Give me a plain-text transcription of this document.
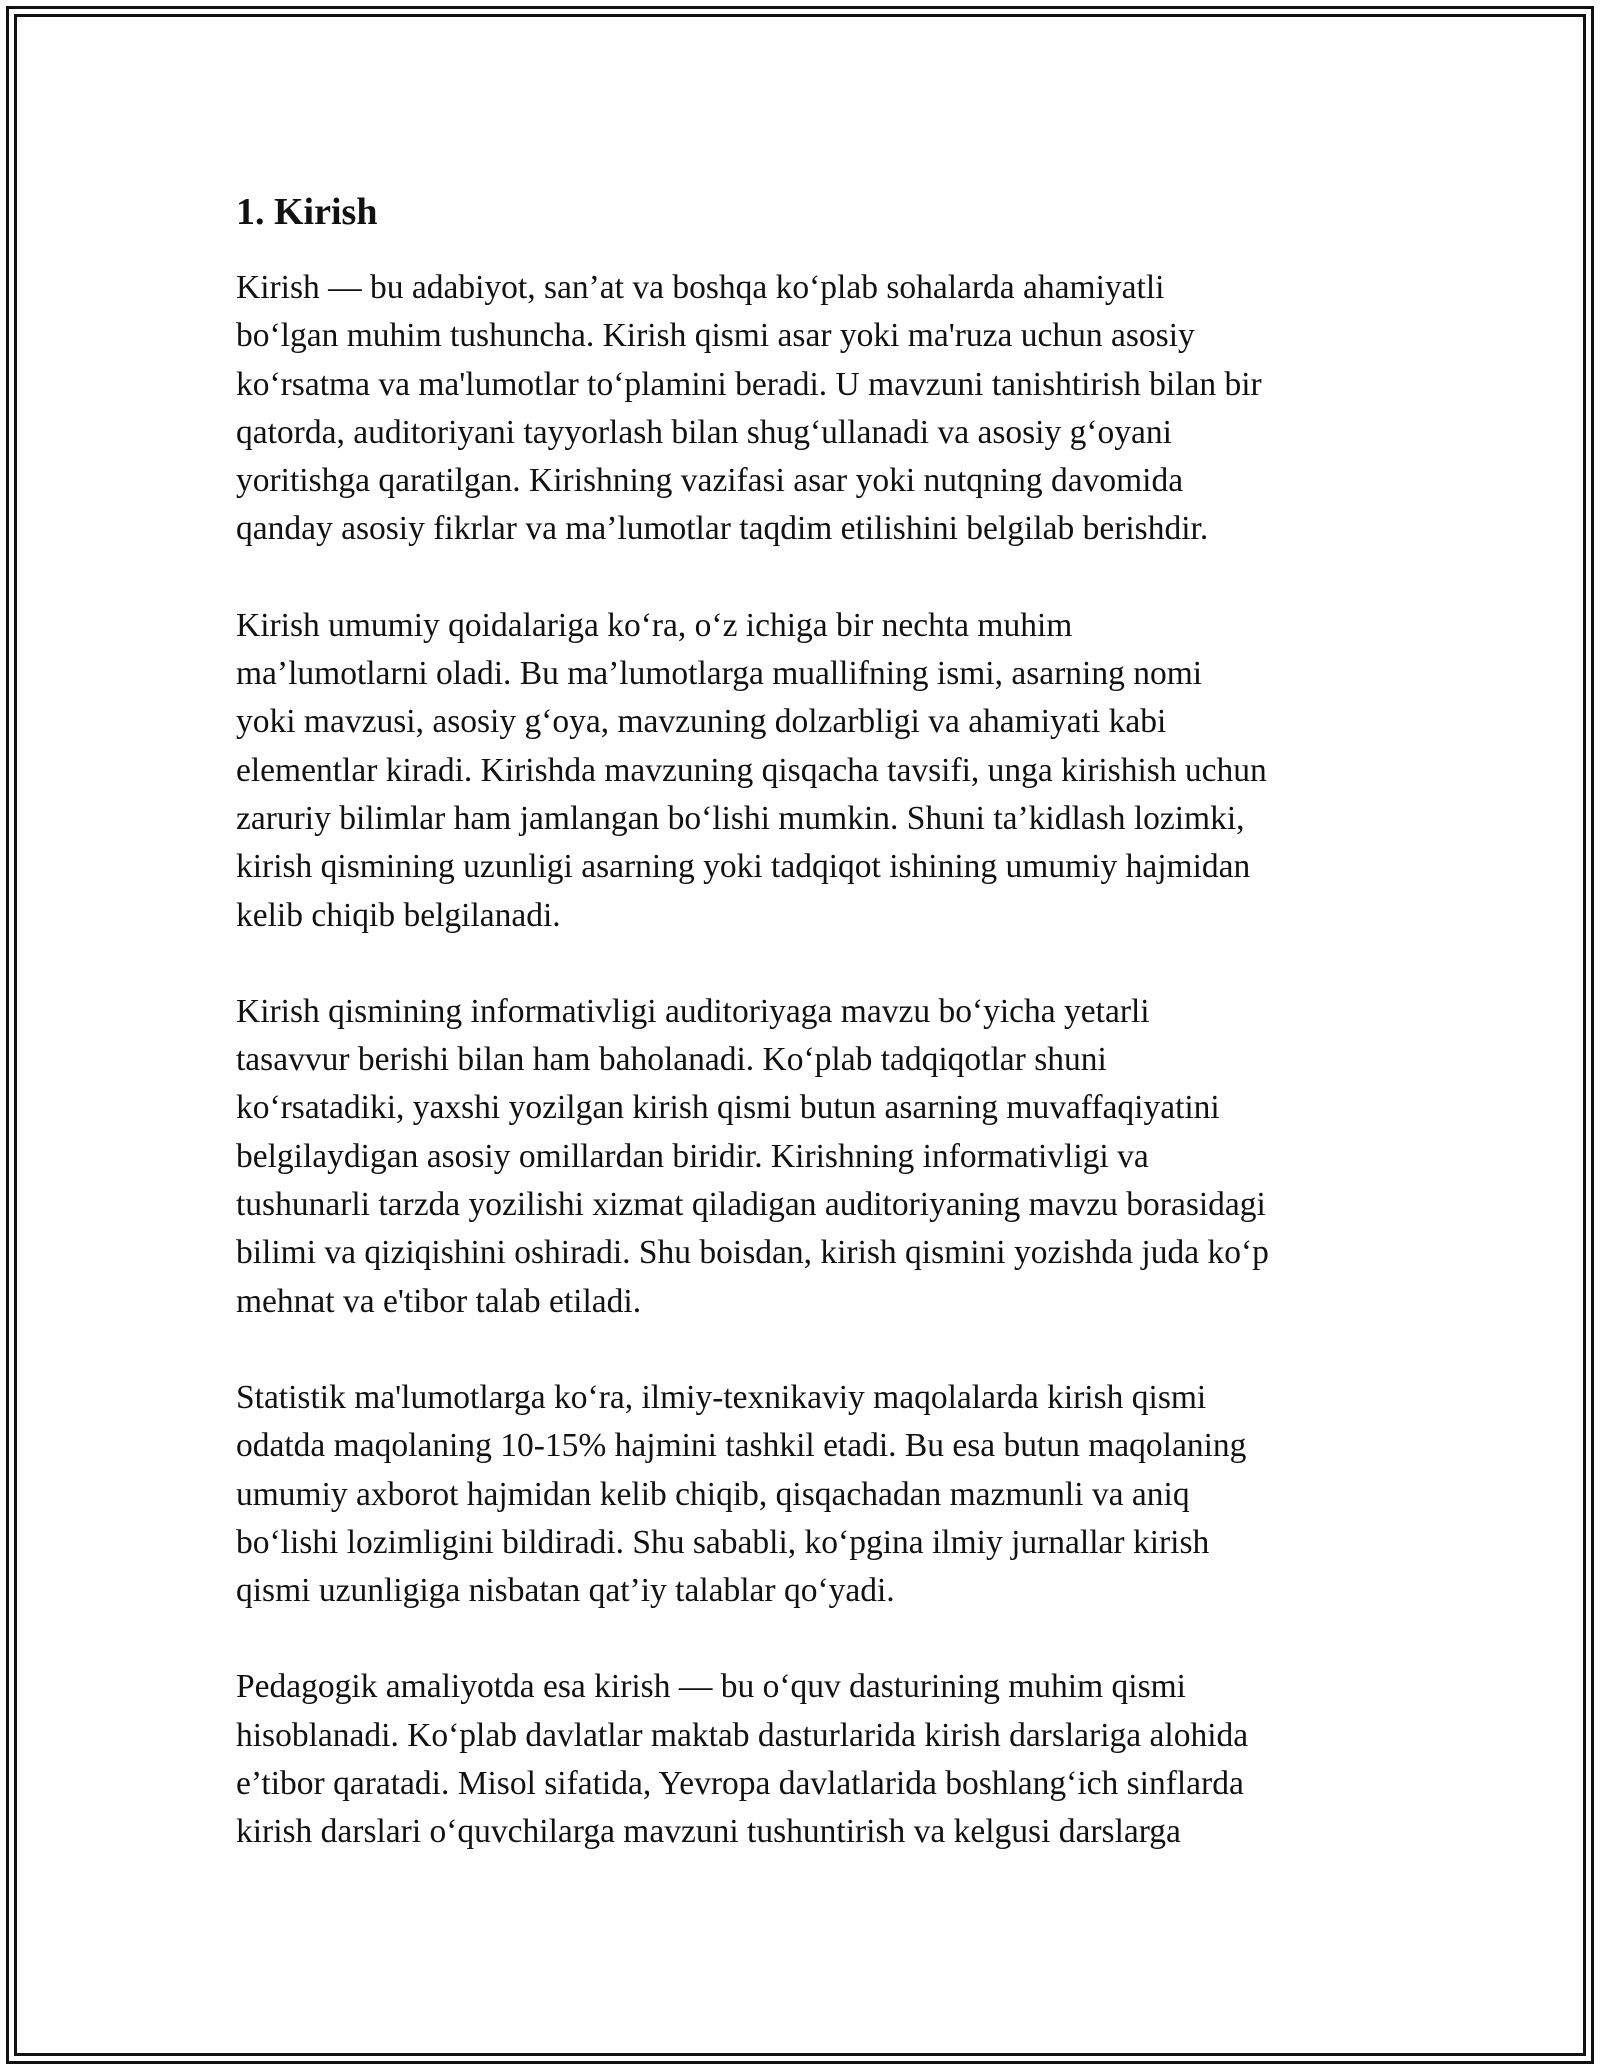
1. Kirish

Kirish — bu adabiyot, san’at va boshqa ko‘plab sohalarda ahamiyatli
bo‘lgan muhim tushuncha. Kirish qismi asar yoki ma'ruza uchun asosiy
ko‘rsatma va ma'lumotlar to‘plamini beradi. U mavzuni tanishtirish bilan bir
qatorda, auditoriyani tayyorlash bilan shug‘ullanadi va asosiy g‘oyani
yoritishga qaratilgan. Kirishning vazifasi asar yoki nutqning davomida
qanday asosiy fikrlar va ma’lumotlar taqdim etilishini belgilab berishdir.

Kirish umumiy qoidalariga ko‘ra, o‘z ichiga bir nechta muhim
ma’lumotlarni oladi. Bu ma’lumotlarga muallifning ismi, asarning nomi
yoki mavzusi, asosiy g‘oya, mavzuning dolzarbligi va ahamiyati kabi
elementlar kiradi. Kirishda mavzuning qisqacha tavsifi, unga kirishish uchun
zaruriy bilimlar ham jamlangan bo‘lishi mumkin. Shuni ta’kidlash lozimki,
kirish qismining uzunligi asarning yoki tadqiqot ishining umumiy hajmidan
kelib chiqib belgilanadi.

Kirish qismining informativligi auditoriyaga mavzu bo‘yicha yetarli
tasavvur berishi bilan ham baholanadi. Ko‘plab tadqiqotlar shuni
ko‘rsatadiki, yaxshi yozilgan kirish qismi butun asarning muvaffaqiyatini
belgilaydigan asosiy omillardan biridir. Kirishning informativligi va
tushunarli tarzda yozilishi xizmat qiladigan auditoriyaning mavzu borasidagi
bilimi va qiziqishini oshiradi. Shu boisdan, kirish qismini yozishda juda ko‘p
mehnat va e'tibor talab etiladi.

Statistik ma'lumotlarga ko‘ra, ilmiy-texnikaviy maqolalarda kirish qismi
odatda maqolaning 10-15% hajmini tashkil etadi. Bu esa butun maqolaning
umumiy axborot hajmidan kelib chiqib, qisqachadan mazmunli va aniq
bo‘lishi lozimligini bildiradi. Shu sababli, ko‘pgina ilmiy jurnallar kirish
qismi uzunligiga nisbatan qat’iy talablar qo‘yadi.

Pedagogik amaliyotda esa kirish — bu o‘quv dasturining muhim qismi
hisoblanadi. Ko‘plab davlatlar maktab dasturlarida kirish darslariga alohida
e’tibor qaratadi. Misol sifatida, Yevropa davlatlarida boshlang‘ich sinflarda
kirish darslari o‘quvchilarga mavzuni tushuntirish va kelgusi darslarga
